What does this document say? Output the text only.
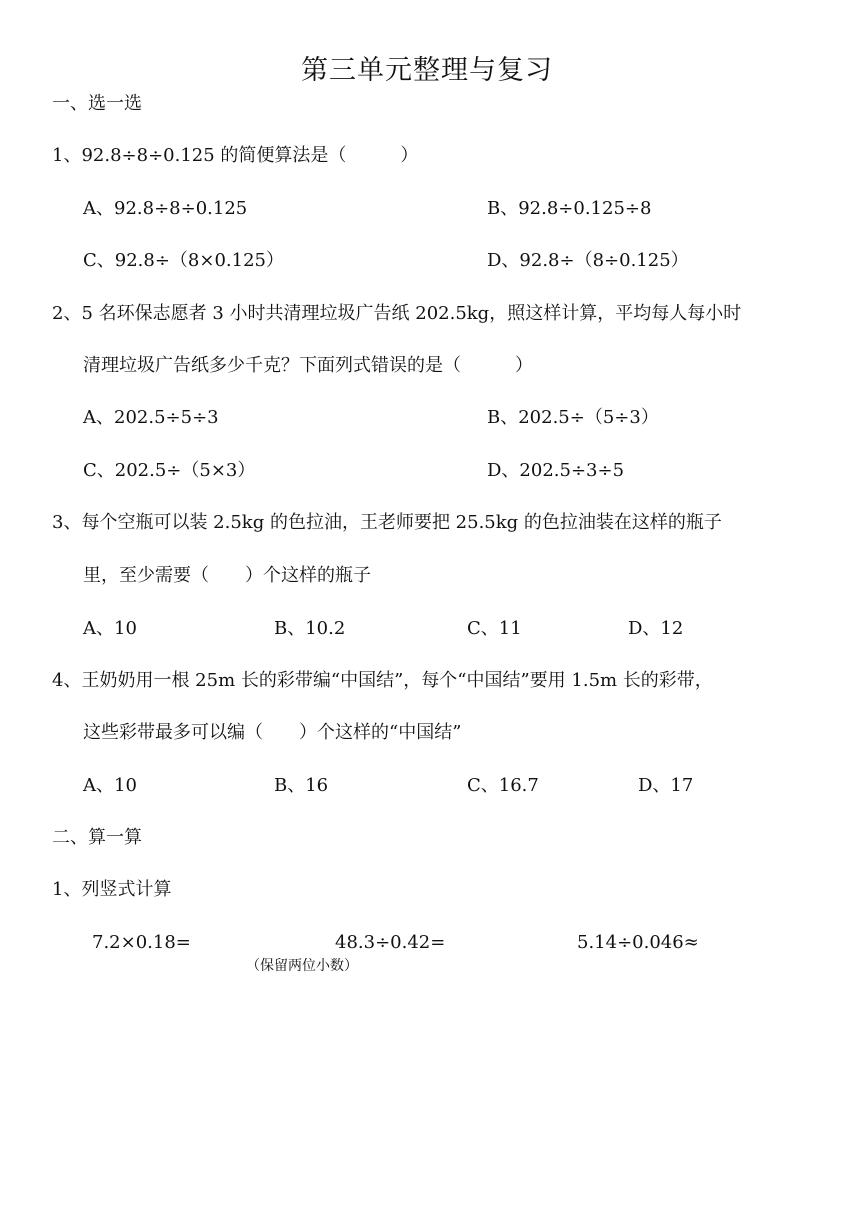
第三单元整理与复习
一、选一选
1、92.8÷8÷0.125 的简便算法是（　　　）
A、92.8÷8÷0.125	B、92.8÷0.125÷8
C、92.8÷（8×0.125）	D、92.8÷（8÷0.125）
2、5 名环保志愿者 3 小时共清理垃圾广告纸 202.5kg，照这样计算，平均每人每小时
清理垃圾广告纸多少千克？下面列式错误的是（　　　）
A、202.5÷5÷3	B、202.5÷（5÷3）
C、202.5÷（5×3）	D、202.5÷3÷5
3、每个空瓶可以装 2.5kg 的色拉油，王老师要把 25.5kg 的色拉油装在这样的瓶子
里，至少需要（　　）个这样的瓶子
A、10	B、10.2	C、11	D、12
4、王奶奶用一根 25m 长的彩带编“中国结”，每个“中国结”要用 1.5m 长的彩带，
这些彩带最多可以编（　　）个这样的“中国结”
A、10	B、16	C、16.7	D、17
二、算一算
1、列竖式计算
7.2×0.18=	48.3÷0.42=	5.14÷0.046≈
（保留两位小数）
